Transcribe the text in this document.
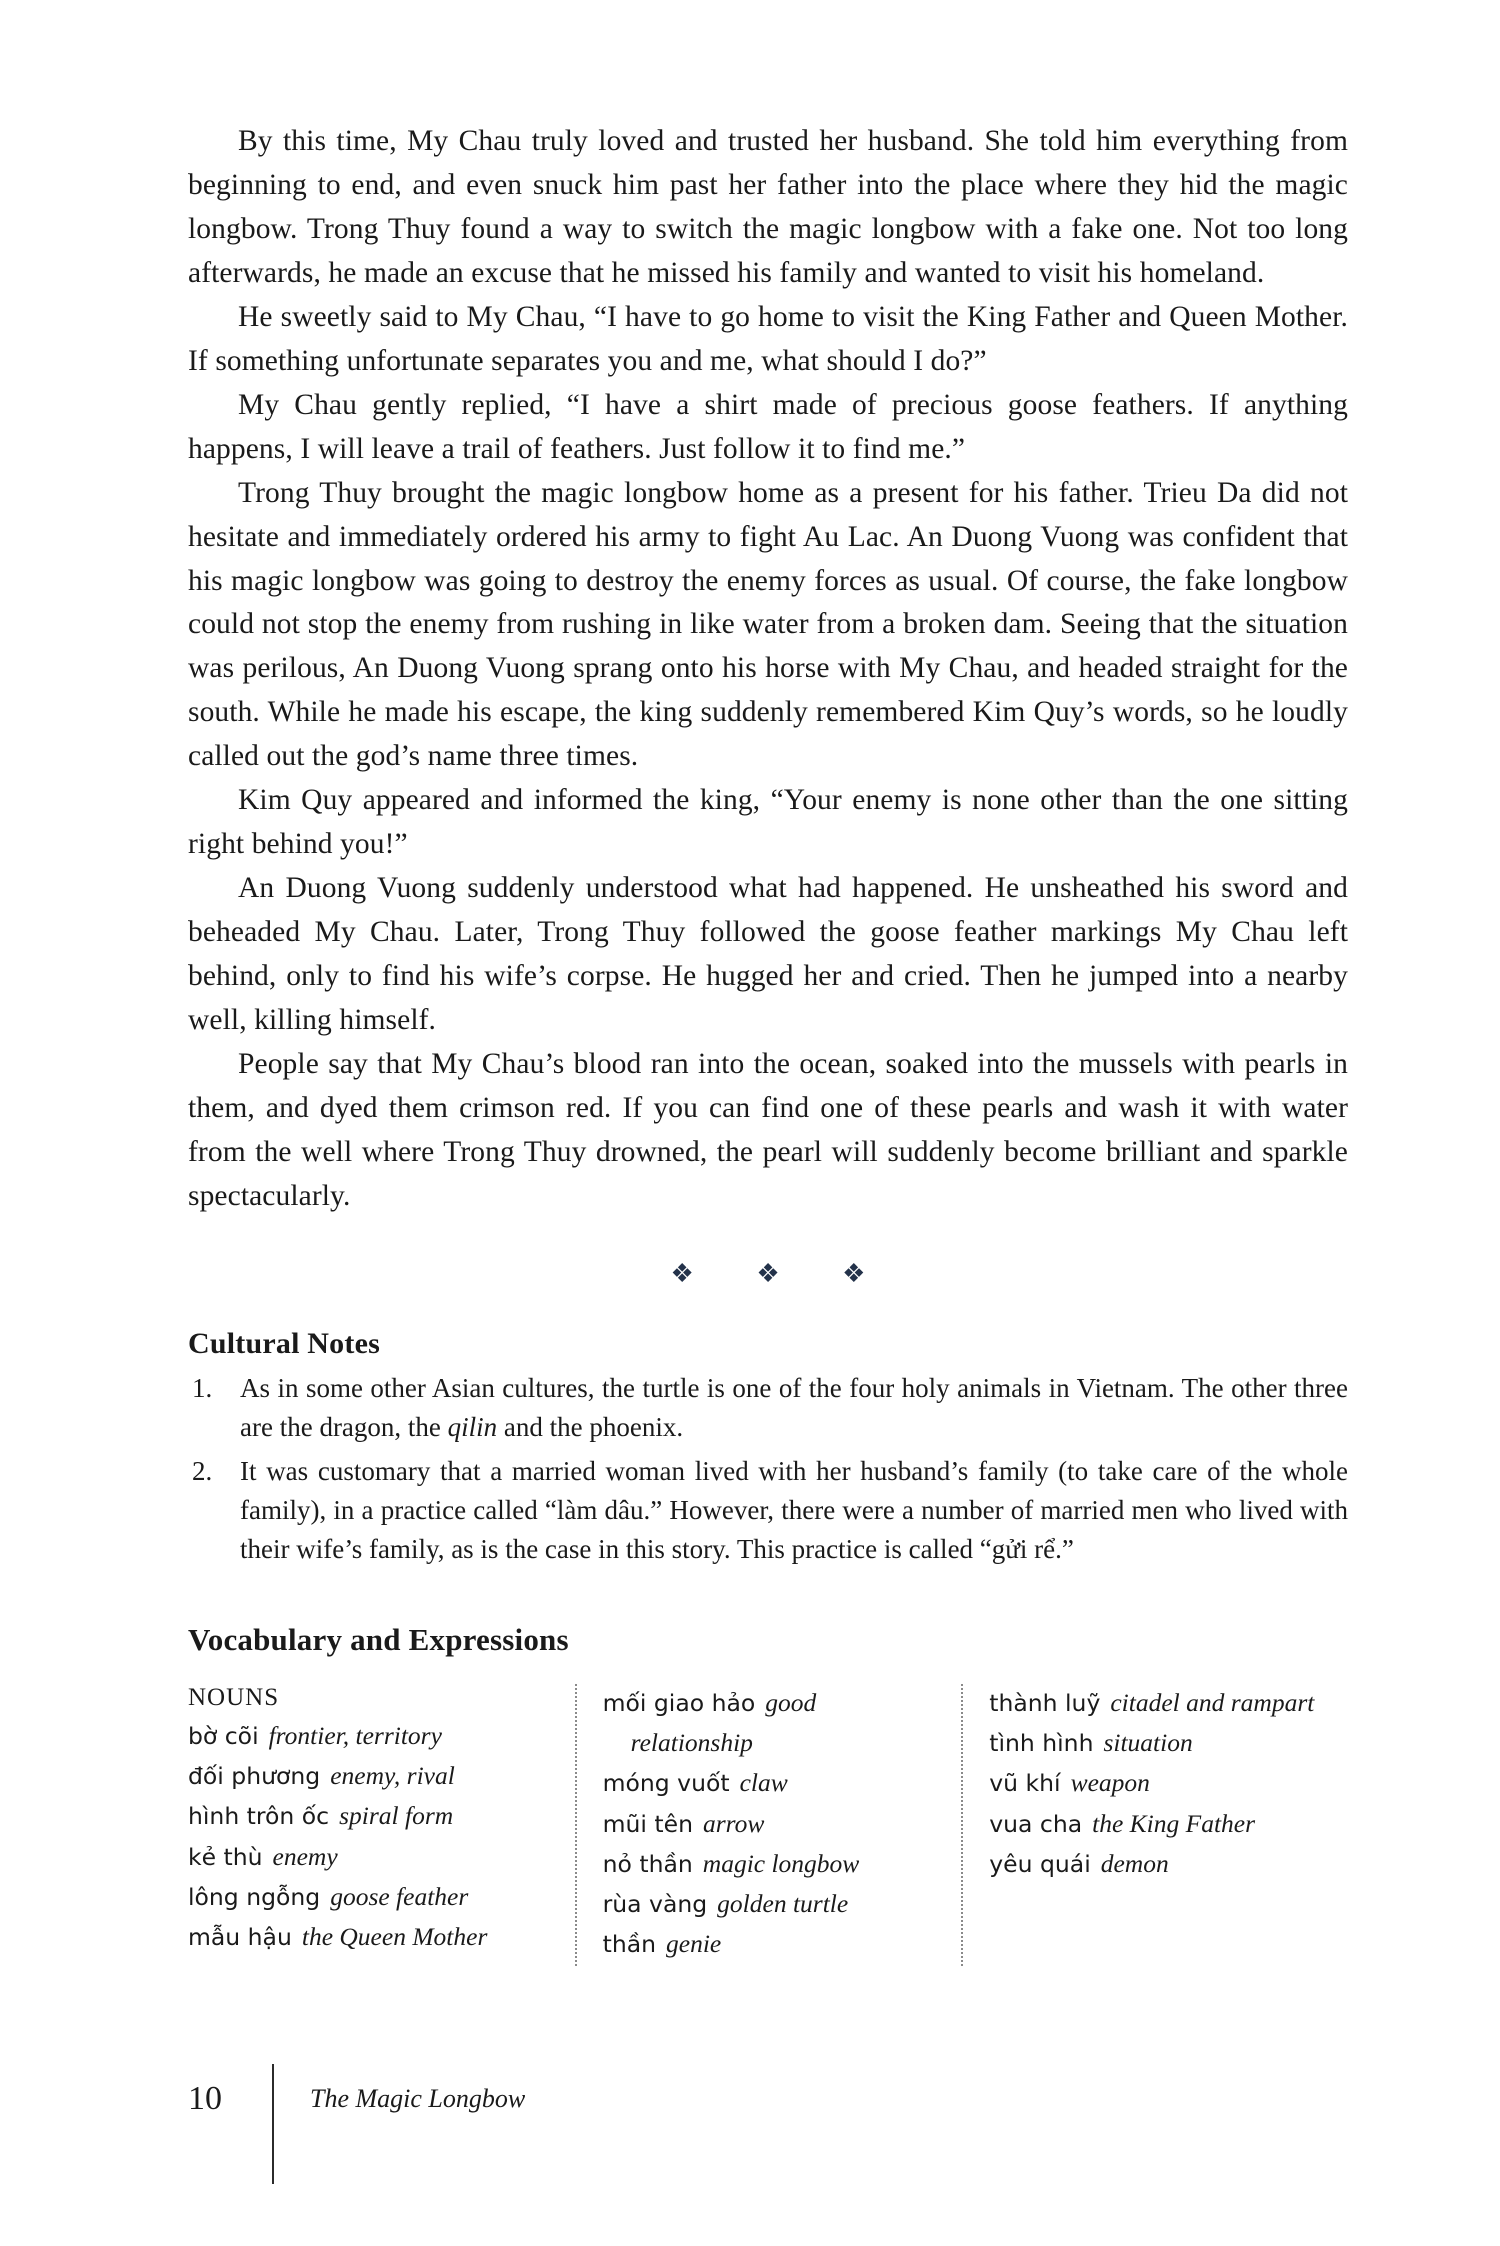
By this time, My Chau truly loved and trusted her husband. She told him everything from beginning to end, and even snuck him past her father into the place where they hid the magic longbow. Trong Thuy found a way to switch the magic longbow with a fake one. Not too long afterwards, he made an excuse that he missed his family and wanted to visit his homeland.

He sweetly said to My Chau, “I have to go home to visit the King Father and Queen Mother. If something unfortunate separates you and me, what should I do?”

My Chau gently replied, “I have a shirt made of precious goose feathers. If anything happens, I will leave a trail of feathers. Just follow it to find me.”

Trong Thuy brought the magic longbow home as a present for his father. Trieu Da did not hesitate and immediately ordered his army to fight Au Lac. An Duong Vuong was confident that his magic longbow was going to destroy the enemy forces as usual. Of course, the fake longbow could not stop the enemy from rushing in like water from a broken dam. Seeing that the situation was perilous, An Duong Vuong sprang onto his horse with My Chau, and headed straight for the south. While he made his escape, the king suddenly remembered Kim Quy’s words, so he loudly called out the god’s name three times.

Kim Quy appeared and informed the king, “Your enemy is none other than the one sitting right behind you!”

An Duong Vuong suddenly understood what had happened. He unsheathed his sword and beheaded My Chau. Later, Trong Thuy followed the goose feather markings My Chau left behind, only to find his wife’s corpse. He hugged her and cried. Then he jumped into a nearby well, killing himself.

People say that My Chau’s blood ran into the ocean, soaked into the mussels with pearls in them, and dyed them crimson red. If you can find one of these pearls and wash it with water from the well where Trong Thuy drowned, the pearl will suddenly become brilliant and sparkle spectacularly.

❖ ❖ ❖
Cultural Notes
1. As in some other Asian cultures, the turtle is one of the four holy animals in Vietnam. The other three are the dragon, the qilin and the phoenix.
2. It was customary that a married woman lived with her husband’s family (to take care of the whole family), in a practice called “làm dâu.” However, there were a number of married men who lived with their wife’s family, as is the case in this story. This practice is called “gửi rể.”
Vocabulary and Expressions
NOUNS
bờ cõi frontier, territory
đối phương enemy, rival
hình trôn ốc spiral form
kẻ thù enemy
lông ngỗng goose feather
mẫu hậu the Queen Mother
mối giao hảo good
relationship
móng vuốt claw
mũi tên arrow
nỏ thần magic longbow
rùa vàng golden turtle
thần genie
thành luỹ citadel and rampart
tình hình situation
vũ khí weapon
vua cha the King Father
yêu quái demon
10	The Magic Longbow
